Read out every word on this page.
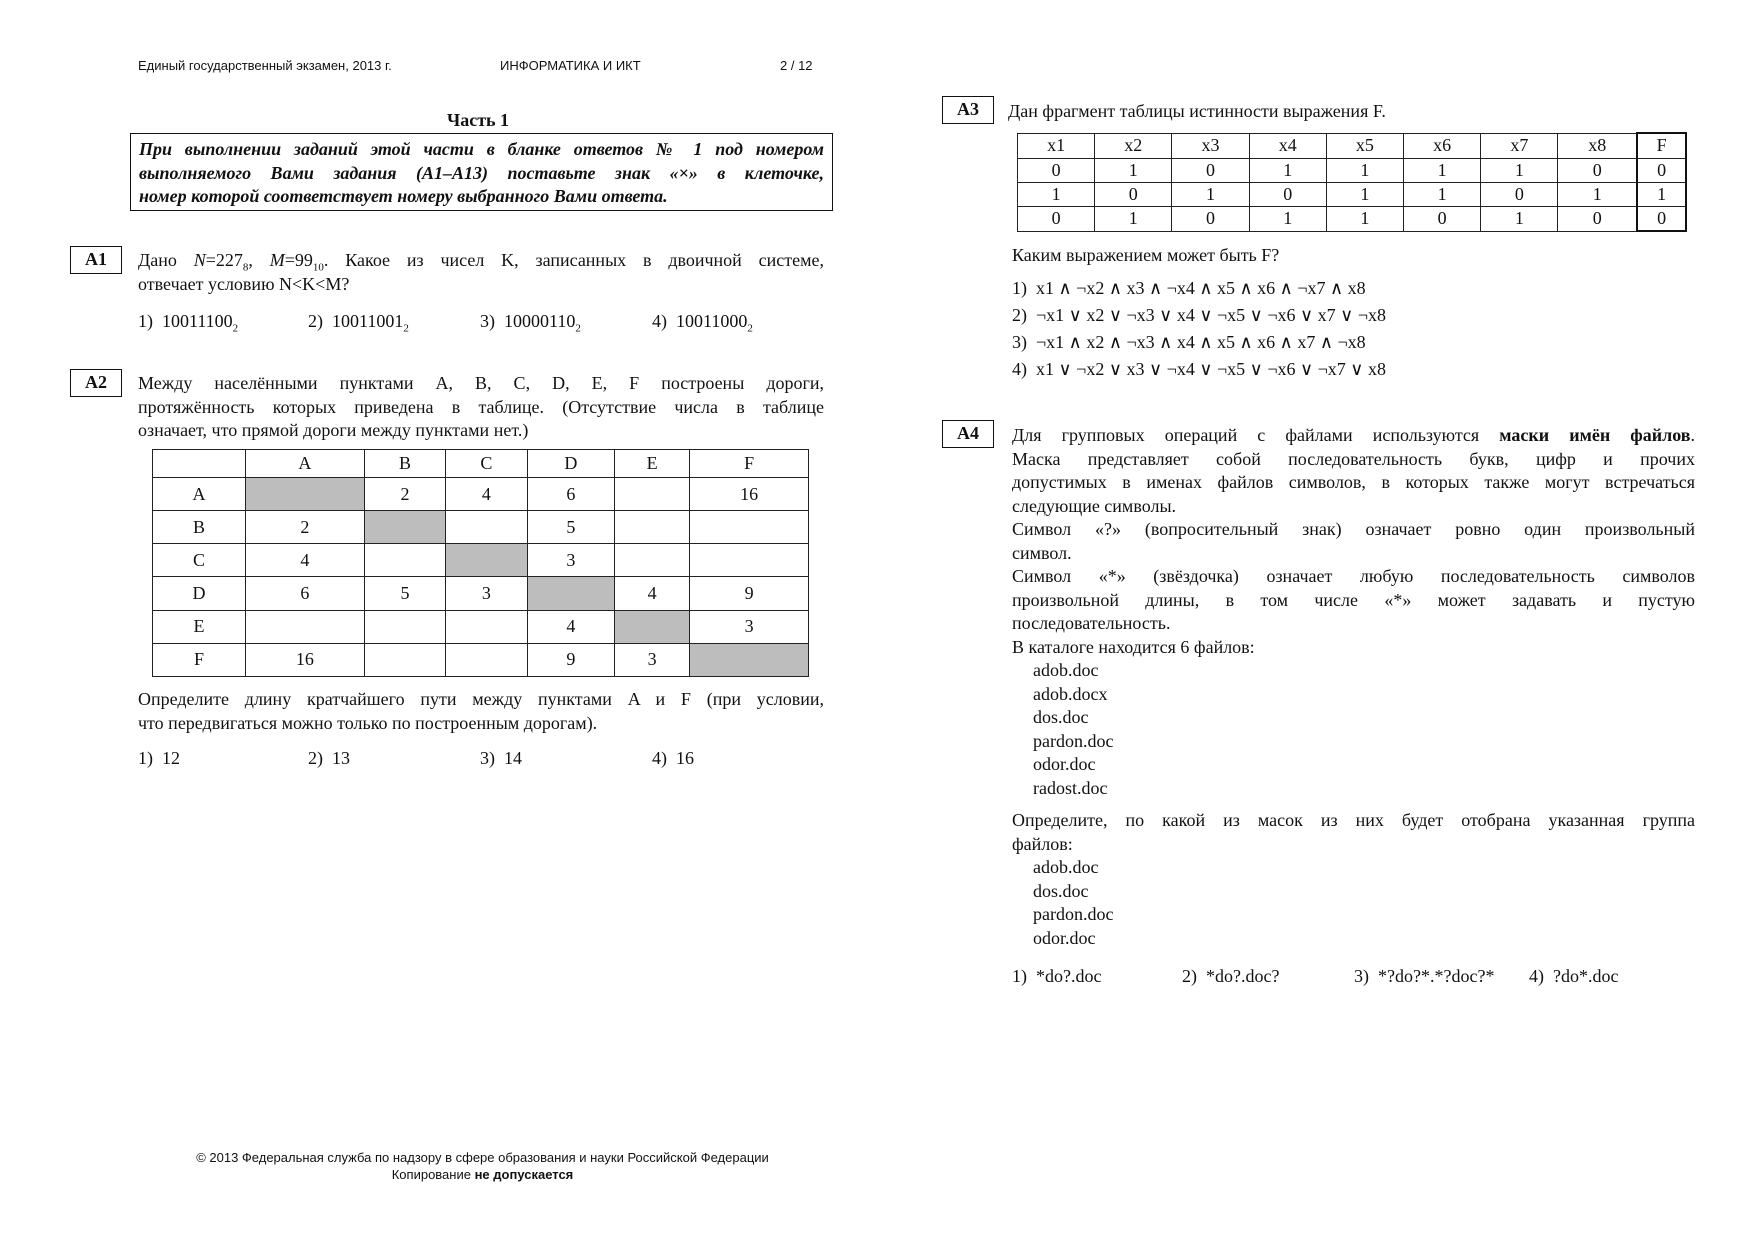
Единый государственный экзамен, 2013 г.	ИНФОРМАТИКА И ИКТ	2 / 12
Часть 1
При выполнении заданий этой части в бланке ответов № 1 под номером
выполняемого Вами задания (А1–А13) поставьте знак «×» в клеточке,
номер которой соответствует номеру выбранного Вами ответа.
А1	Дано $N=227_8$, $M=99_{10}$. Какое из чисел K, записанных в двоичной системе,
отвечает условию N<K<M?
1) $10011100_2$	2) $10011001_2$	3) $10000110_2$	4) $10011000_2$
А2	Между населёнными пунктами A, B, C, D, E, F построены дороги,
протяжённость которых приведена в таблице. (Отсутствие числа в таблице
означает, что прямой дороги между пунктами нет.)
	A	B	C	D	E	F
A		2	4	6		16
B	2			5		
C	4			3		
D	6	5	3		4	9
E				4		3
F	16			9	3	
Определите длину кратчайшего пути между пунктами A и F (при условии,
что передвигаться можно только по построенным дорогам).
1) 12	2) 13	3) 14	4) 16
А3	Дан фрагмент таблицы истинности выражения F.
x1	x2	x3	x4	x5	x6	x7	x8	F
0	1	0	1	1	1	1	0	0
1	0	1	0	1	1	0	1	1
0	1	0	1	1	0	1	0	0
Каким выражением может быть F?
1) x1 ∧ ¬x2 ∧ x3 ∧ ¬x4 ∧ x5 ∧ x6 ∧ ¬x7 ∧ x8
2) ¬x1 ∨ x2 ∨ ¬x3 ∨ x4 ∨ ¬x5 ∨ ¬x6 ∨ x7 ∨ ¬x8
3) ¬x1 ∧ x2 ∧ ¬x3 ∧ x4 ∧ x5 ∧ x6 ∧ x7 ∧ ¬x8
4) x1 ∨ ¬x2 ∨ x3 ∨ ¬x4 ∨ ¬x5 ∨ ¬x6 ∨ ¬x7 ∨ x8
А4	Для групповых операций с файлами используются маски имён файлов.
Маска представляет собой последовательность букв, цифр и прочих
допустимых в именах файлов символов, в которых также могут встречаться
следующие символы.
Символ «?» (вопросительный знак) означает ровно один произвольный
символ.
Символ «*» (звёздочка) означает любую последовательность символов
произвольной длины, в том числе «*» может задавать и пустую
последовательность.
В каталоге находится 6 файлов:
adob.doc
adob.docx
dos.doc
pardon.doc
odor.doc
radost.doc
Определите, по какой из масок из них будет отобрана указанная группа
файлов:
adob.doc
dos.doc
pardon.doc
odor.doc
1) *do?.doc	2) *do?.doc?	3) *?do?*.*?doc?* 4) ?do*.doc
© 2013 Федеральная служба по надзору в сфере образования и науки Российской Федерации
Копирование не допускается
